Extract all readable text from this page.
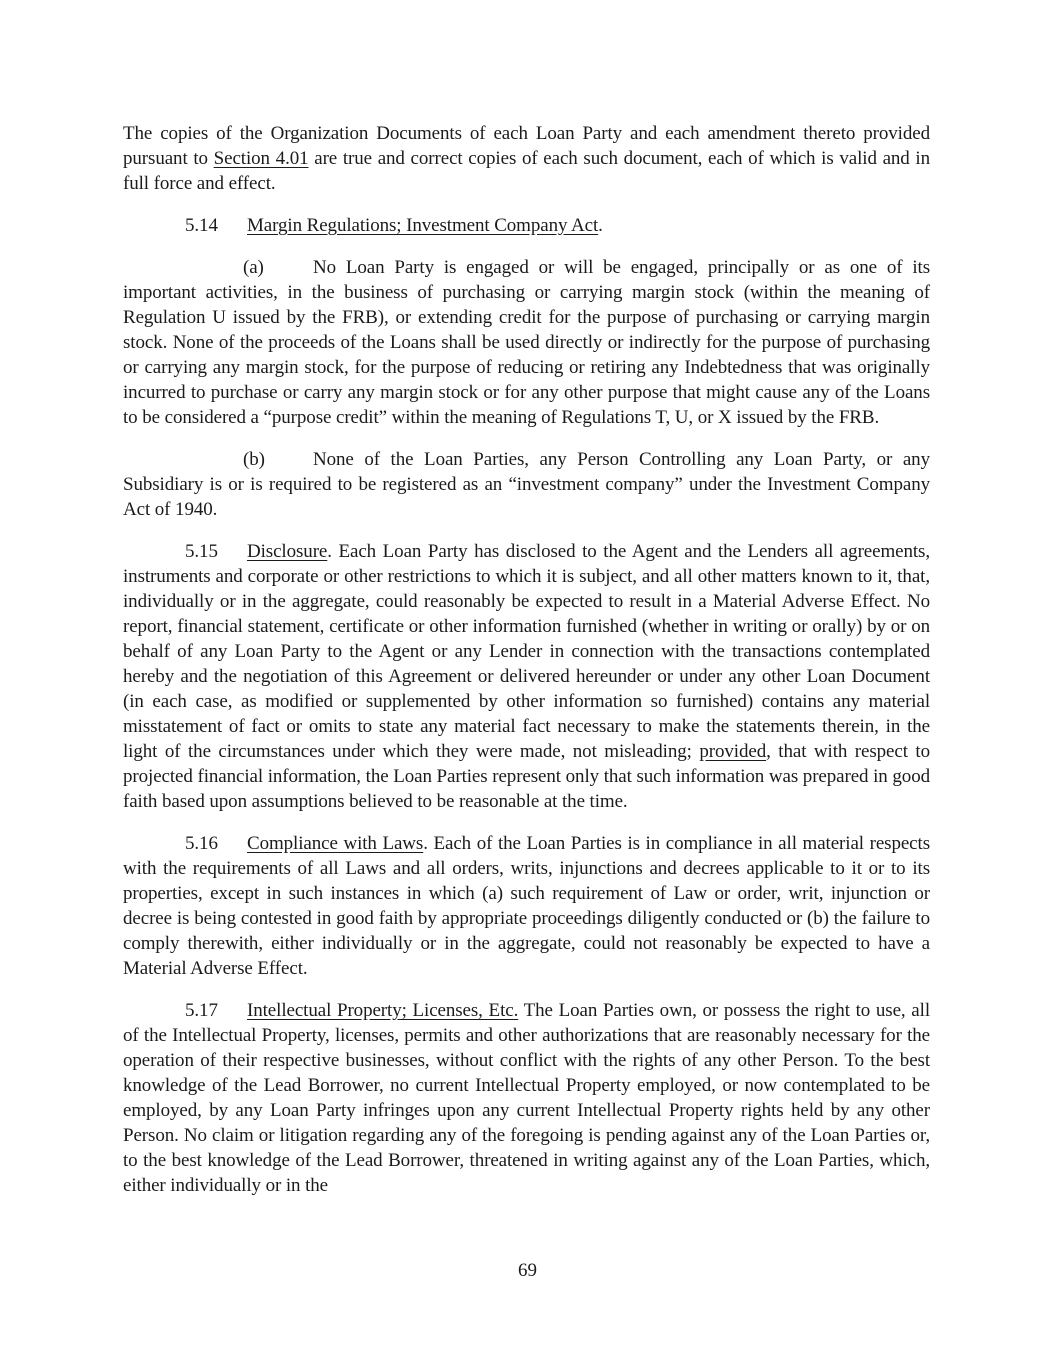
The copies of the Organization Documents of each Loan Party and each amendment thereto provided pursuant to Section 4.01 are true and correct copies of each such document, each of which is valid and in full force and effect.

5.14 Margin Regulations; Investment Company Act.

(a)	No Loan Party is engaged or will be engaged, principally or as one of its important activities, in the business of purchasing or carrying margin stock (within the meaning of Regulation U issued by the FRB), or extending credit for the purpose of purchasing or carrying margin stock. None of the proceeds of the Loans shall be used directly or indirectly for the purpose of purchasing or carrying any margin stock, for the purpose of reducing or retiring any Indebtedness that was originally incurred to purchase or carry any margin stock or for any other purpose that might cause any of the Loans to be considered a “purpose credit” within the meaning of Regulations T, U, or X issued by the FRB.

(b)	None of the Loan Parties, any Person Controlling any Loan Party, or any Subsidiary is or is required to be registered as an “investment company” under the Investment Company Act of 1940.

5.15 Disclosure. Each Loan Party has disclosed to the Agent and the Lenders all agreements, instruments and corporate or other restrictions to which it is subject, and all other matters known to it, that, individually or in the aggregate, could reasonably be expected to result in a Material Adverse Effect. No report, financial statement, certificate or other information furnished (whether in writing or orally) by or on behalf of any Loan Party to the Agent or any Lender in connection with the transactions contemplated hereby and the negotiation of this Agreement or delivered hereunder or under any other Loan Document (in each case, as modified or supplemented by other information so furnished) contains any material misstatement of fact or omits to state any material fact necessary to make the statements therein, in the light of the circumstances under which they were made, not misleading; provided, that with respect to projected financial information, the Loan Parties represent only that such information was prepared in good faith based upon assumptions believed to be reasonable at the time.

5.16 Compliance with Laws. Each of the Loan Parties is in compliance in all material respects with the requirements of all Laws and all orders, writs, injunctions and decrees applicable to it or to its properties, except in such instances in which (a) such requirement of Law or order, writ, injunction or decree is being contested in good faith by appropriate proceedings diligently conducted or (b) the failure to comply therewith, either individually or in the aggregate, could not reasonably be expected to have a Material Adverse Effect.

5.17 Intellectual Property; Licenses, Etc. The Loan Parties own, or possess the right to use, all of the Intellectual Property, licenses, permits and other authorizations that are reasonably necessary for the operation of their respective businesses, without conflict with the rights of any other Person. To the best knowledge of the Lead Borrower, no current Intellectual Property employed, or now contemplated to be employed, by any Loan Party infringes upon any current Intellectual Property rights held by any other Person. No claim or litigation regarding any of the foregoing is pending against any of the Loan Parties or, to the best knowledge of the Lead Borrower, threatened in writing against any of the Loan Parties, which, either individually or in the

69
